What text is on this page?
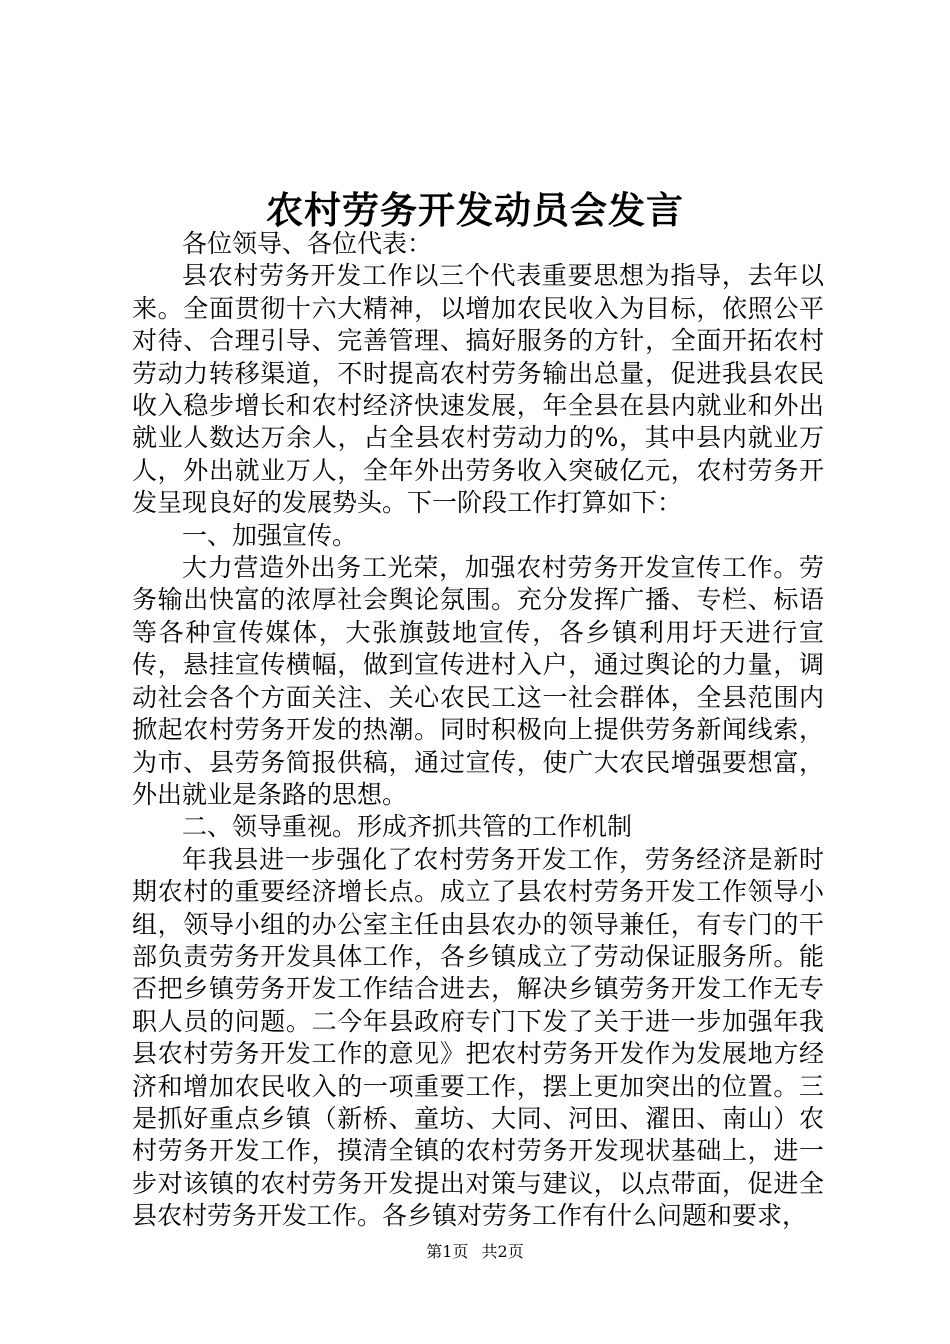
农村劳务开发动员会发言

各位领导、各位代表：

县农村劳务开发工作以三个代表重要思想为指导，去年以来。全面贯彻十六大精神，以增加农民收入为目标，依照公平对待、合理引导、完善管理、搞好服务的方针，全面开拓农村劳动力转移渠道，不时提高农村劳务输出总量，促进我县农民收入稳步增长和农村经济快速发展，年全县在县内就业和外出就业人数达万余人，占全县农村劳动力的%，其中县内就业万人，外出就业万人，全年外出劳务收入突破亿元，农村劳务开发呈现良好的发展势头。下一阶段工作打算如下：

一、加强宣传。

大力营造外出务工光荣，加强农村劳务开发宣传工作。劳务输出快富的浓厚社会舆论氛围。充分发挥广播、专栏、标语等各种宣传媒体，大张旗鼓地宣传，各乡镇利用圩天进行宣传，悬挂宣传横幅，做到宣传进村入户，通过舆论的力量，调动社会各个方面关注、关心农民工这一社会群体，全县范围内掀起农村劳务开发的热潮。同时积极向上提供劳务新闻线索，为市、县劳务简报供稿，通过宣传，使广大农民增强要想富，外出就业是条路的思想。

二、领导重视。形成齐抓共管的工作机制

年我县进一步强化了农村劳务开发工作，劳务经济是新时期农村的重要经济增长点。成立了县农村劳务开发工作领导小组，领导小组的办公室主任由县农办的领导兼任，有专门的干部负责劳务开发具体工作，各乡镇成立了劳动保证服务所。能否把乡镇劳务开发工作结合进去，解决乡镇劳务开发工作无专职人员的问题。二今年县政府专门下发了关于进一步加强年我县农村劳务开发工作的意见》把农村劳务开发作为发展地方经济和增加农民收入的一项重要工作，摆上更加突出的位置。三是抓好重点乡镇（新桥、童坊、大同、河田、濯田、南山）农村劳务开发工作，摸清全镇的农村劳务开发现状基础上，进一步对该镇的农村劳务开发提出对策与建议，以点带面，促进全县农村劳务开发工作。各乡镇对劳务工作有什么问题和要求，

第1页 共2页
